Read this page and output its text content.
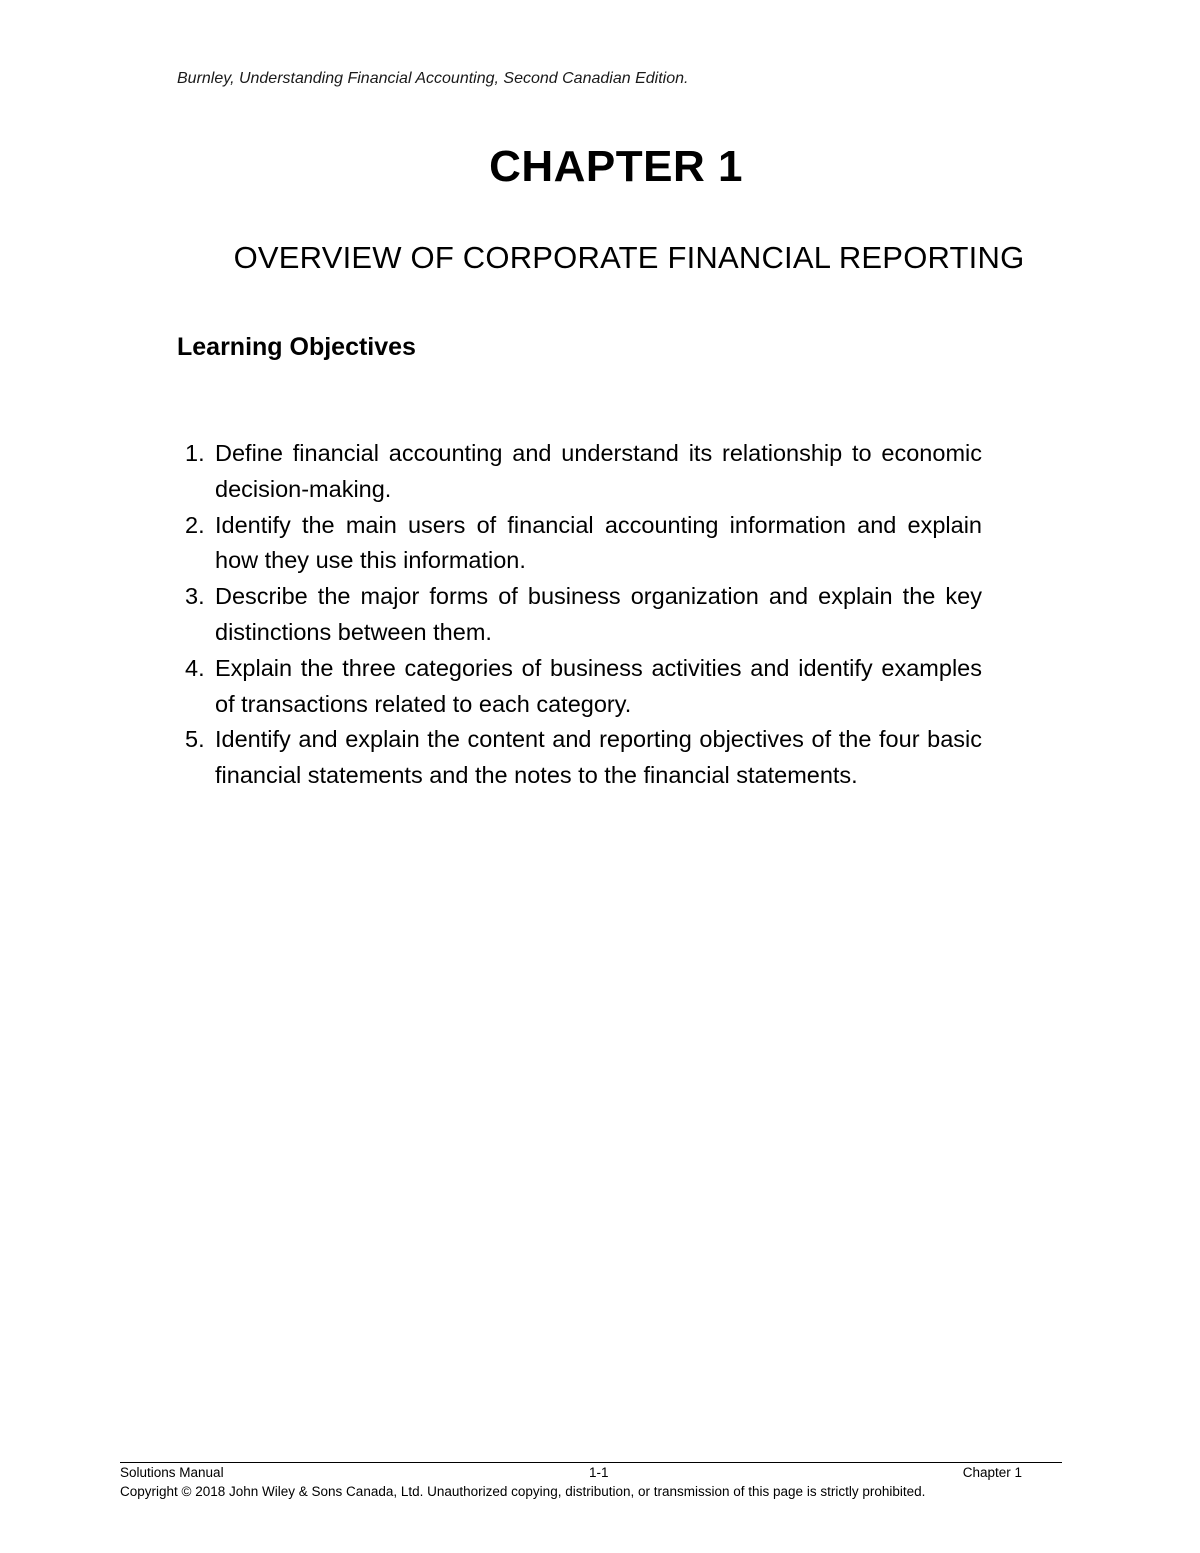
Burnley, Understanding Financial Accounting, Second Canadian Edition.
CHAPTER 1
OVERVIEW OF CORPORATE FINANCIAL REPORTING
Learning Objectives
1. Define financial accounting and understand its relationship to economic decision-making.
2. Identify the main users of financial accounting information and explain how they use this information.
3. Describe the major forms of business organization and explain the key distinctions between them.
4. Explain the three categories of business activities and identify examples of transactions related to each category.
5. Identify and explain the content and reporting objectives of the four basic financial statements and the notes to the financial statements.
Solutions Manual	1-1	Chapter 1
Copyright © 2018 John Wiley & Sons Canada, Ltd. Unauthorized copying, distribution, or transmission of this page is strictly prohibited.
